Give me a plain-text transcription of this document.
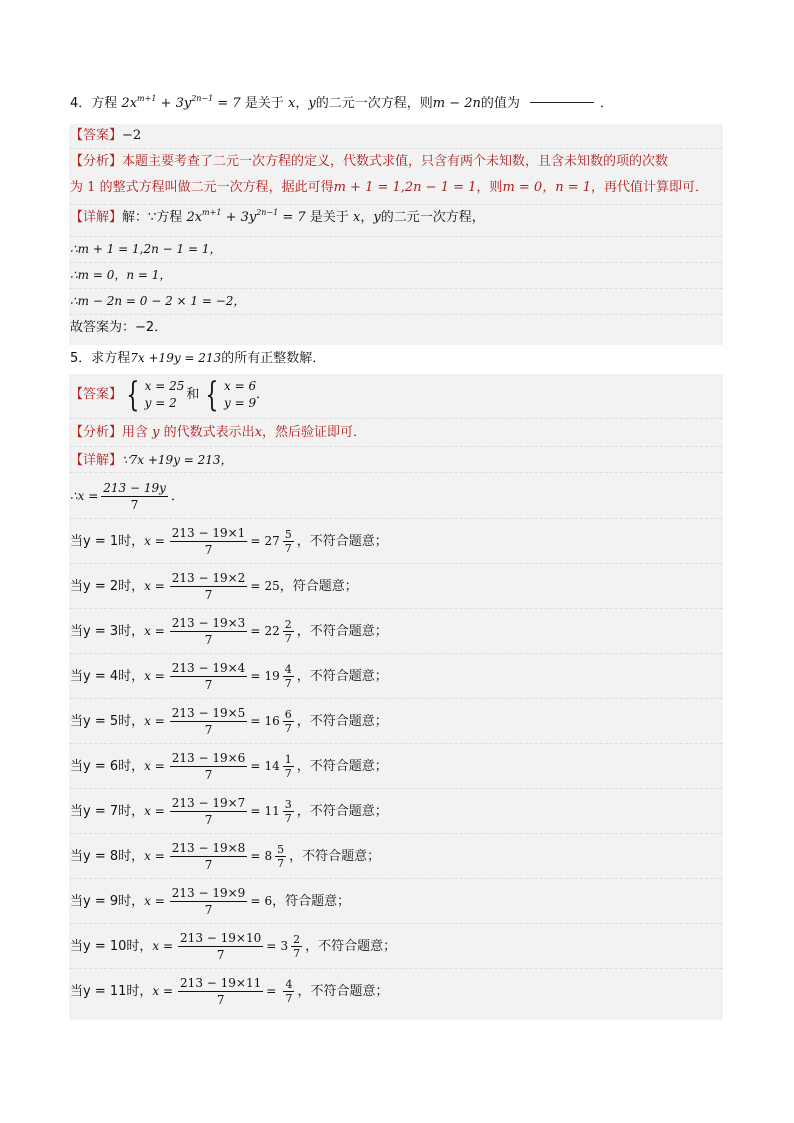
4．方程 $2x^{m+1} + 3y^{2n-1} = 7$ 是关于 x，y的二元一次方程，则m − 2n的值为	．
【答案】−2
【分析】本题主要考查了二元一次方程的定义，代数式求值，只含有两个未知数，且含未知数的项的次数
为 1 的整式方程叫做二元一次方程，据此可得m + 1 = 1,2n − 1 = 1，则m = 0，n = 1，再代值计算即可．
【详解】解：∵方程 $2x^{m+1} + 3y^{2n-1} = 7$ 是关于 x，y的二元一次方程，
∴m + 1 = 1,2n − 1 = 1，
∴m = 0，n = 1，
∴m − 2n = 0 − 2 × 1 = −2，
故答案为：−2．
5．求方程7x +19y = 213的所有正整数解．
【答案】 { x = 25
y = 2
和 { x = 6
y = 9
．
【分析】用含 y 的代数式表示出x，然后验证即可．
【详解】∵7x +19y = 213，
∴x = $\frac{213 - 19y}{7}$ ．
当y = 1时，$x = \frac{213 - 19\times 1}{7} = 27 \frac{5}{7}$ ，不符合题意；
当y = 2时，$x = \frac{213 - 19\times 2}{7} = 25$，符合题意；
当y = 3时，$x = \frac{213 - 19\times 3}{7} = 22 \frac{2}{7}$ ，不符合题意；
当y = 4时，$x = \frac{213 - 19\times 4}{7} = 19 \frac{4}{7}$ ，不符合题意；
当y = 5时，$x = \frac{213 - 19\times 5}{7} = 16 \frac{6}{7}$ ，不符合题意；
当y = 6时，$x = \frac{213 - 19\times 6}{7} = 14 \frac{1}{7}$ ，不符合题意；
当y = 7时，$x = \frac{213 - 19\times 7}{7} = 11 \frac{3}{7}$ ，不符合题意；
当y = 8时，$x = \frac{213 - 19\times 8}{7} = 8 \frac{5}{7}$ ，不符合题意；
当y = 9时，$x = \frac{213 - 19\times 9}{7} = 6$，符合题意；
当y = 10时，$x = \frac{213 - 19\times 10}{7} = 3 \frac{2}{7}$ ，不符合题意；
当y = 11时，$x = \frac{213 - 19\times 11}{7} = \frac{4}{7}$ ，不符合题意；
